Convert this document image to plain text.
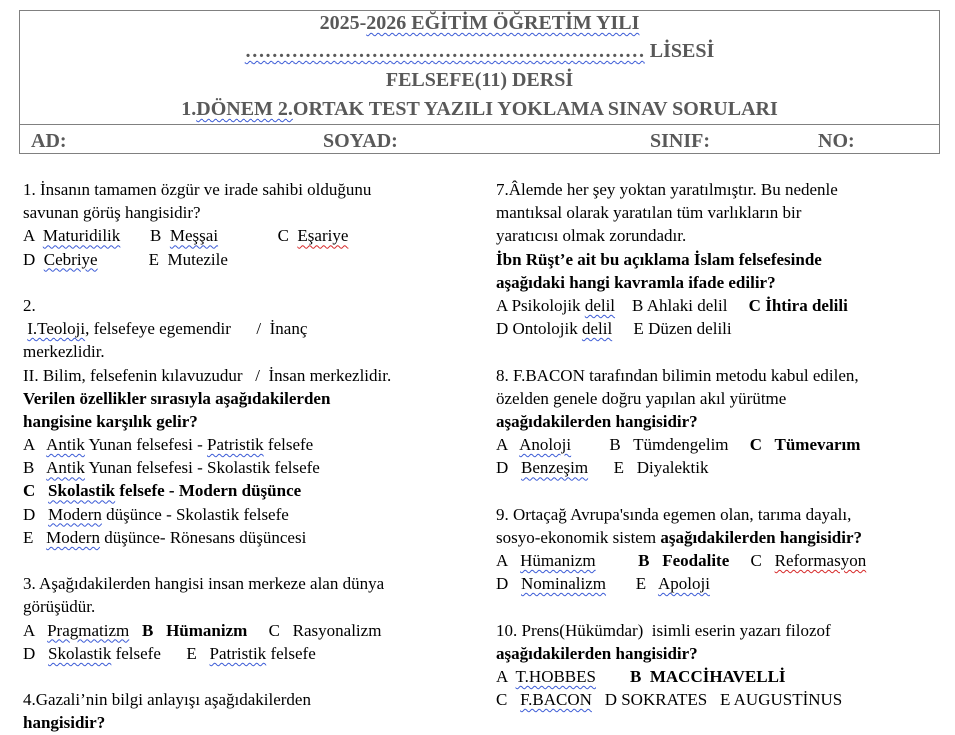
2025-2026 EĞİTİM ÖĞRETİM YILI
…………………………………………………… LİSESİ
FELSEFE(11) DERSİ
1.DÖNEM 2.ORTAK TEST YAZILI YOKLAMA SINAV SORULARI
AD:	SOYAD:	SINIF:	NO:
1. İnsanın tamamen özgür ve irade sahibi olduğunu
savunan görüş hangisidir?
A  Maturidilik       B  Meşşai              C  Eşariye
D  Cebriye            E  Mutezile
2.
I.Teoloji, felsefeye egemendir      /  İnanç
merkezlidir.
II. Bilim, felsefenin kılavuzudur   /  İnsan merkezlidir.
Verilen özellikler sırasıyla aşağıdakilerden
hangisine karşılık gelir?
A   Antik Yunan felsefesi - Patristik felsefe
B   Antik Yunan felsefesi - Skolastik felsefe
C   Skolastik felsefe - Modern düşünce
D   Modern düşünce - Skolastik felsefe
E   Modern düşünce- Rönesans düşüncesi
3. Aşağıdakilerden hangisi insan merkeze alan dünya
görüşüdür.
A   Pragmatizm   B   Hümanizm     C   Rasyonalizm
D   Skolastik felsefe      E   Patristik felsefe
4.Gazali’nin bilgi anlayışı aşağıdakilerden
hangisidir?
7.Âlemde her şey yoktan yaratılmıştır. Bu nedenle
mantıksal olarak yaratılan tüm varlıkların bir
yaratıcısı olmak zorundadır.
İbn Rüşt’e ait bu açıklama İslam felsefesinde
aşağıdaki hangi kavramla ifade edilir?
A Psikolojik delil    B Ahlaki delil     C İhtira delili
D Ontolojik delil     E Düzen delili
8. F.BACON tarafından bilimin metodu kabul edilen,
özelden genele doğru yapılan akıl yürütme
aşağıdakilerden hangisidir?
A   Anoloji         B   Tümdengelim     C   Tümevarım
D   Benzeşim      E   Diyalektik
9. Ortaçağ Avrupa'sında egemen olan, tarıma dayalı,
sosyo-ekonomik sistem aşağıdakilerden hangisidir?
A   Hümanizm          B   Feodalite     C   Reformasyon
D   Nominalizm       E   Apoloji
10. Prens(Hükümdar)  isimli eserin yazarı filozof
aşağıdakilerden hangisidir?
A  T.HOBBES        B  MACCİHAVELLİ
C   F.BACON   D SOKRATES   E AUGUSTİNUS
